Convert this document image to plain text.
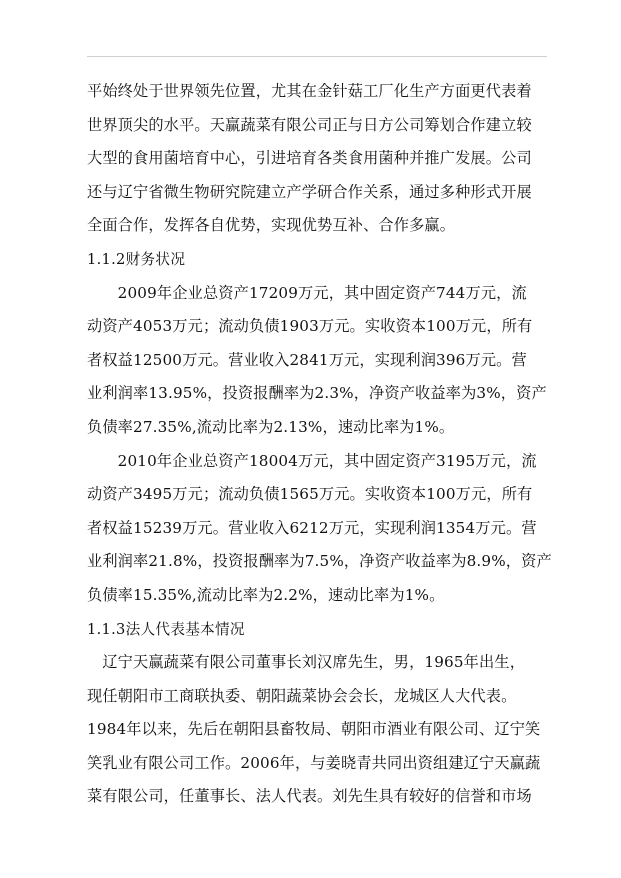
平始终处于世界领先位置，尤其在金针菇工厂化生产方面更代表着
世界顶尖的水平。天赢蔬菜有限公司正与日方公司筹划合作建立较
大型的食用菌培育中心，引进培育各类食用菌种并推广发展。公司
还与辽宁省微生物研究院建立产学研合作关系，通过多种形式开展
全面合作，发挥各自优势，实现优势互补、合作多赢。
1.1.2财务状况
　　2009年企业总资产17209万元，其中固定资产744万元，流
动资产4053万元；流动负债1903万元。实收资本100万元，所有
者权益12500万元。营业收入2841万元，实现利润396万元。营
业利润率13.95%，投资报酬率为2.3%，净资产收益率为3%，资产
负债率27.35%,流动比率为2.13%，速动比率为1%。
　　2010年企业总资产18004万元，其中固定资产3195万元，流
动资产3495万元；流动负债1565万元。实收资本100万元，所有
者权益15239万元。营业收入6212万元，实现利润1354万元。营
业利润率21.8%，投资报酬率为7.5%，净资产收益率为8.9%，资产
负债率15.35%,流动比率为2.2%，速动比率为1%。
1.1.3法人代表基本情况
　辽宁天赢蔬菜有限公司董事长刘汉席先生，男，1965年出生，
现任朝阳市工商联执委、朝阳蔬菜协会会长，龙城区人大代表。
1984年以来，先后在朝阳县畜牧局、朝阳市酒业有限公司、辽宁笑
笑乳业有限公司工作。2006年，与姜晓青共同出资组建辽宁天赢蔬
菜有限公司，任董事长、法人代表。刘先生具有较好的信誉和市场
